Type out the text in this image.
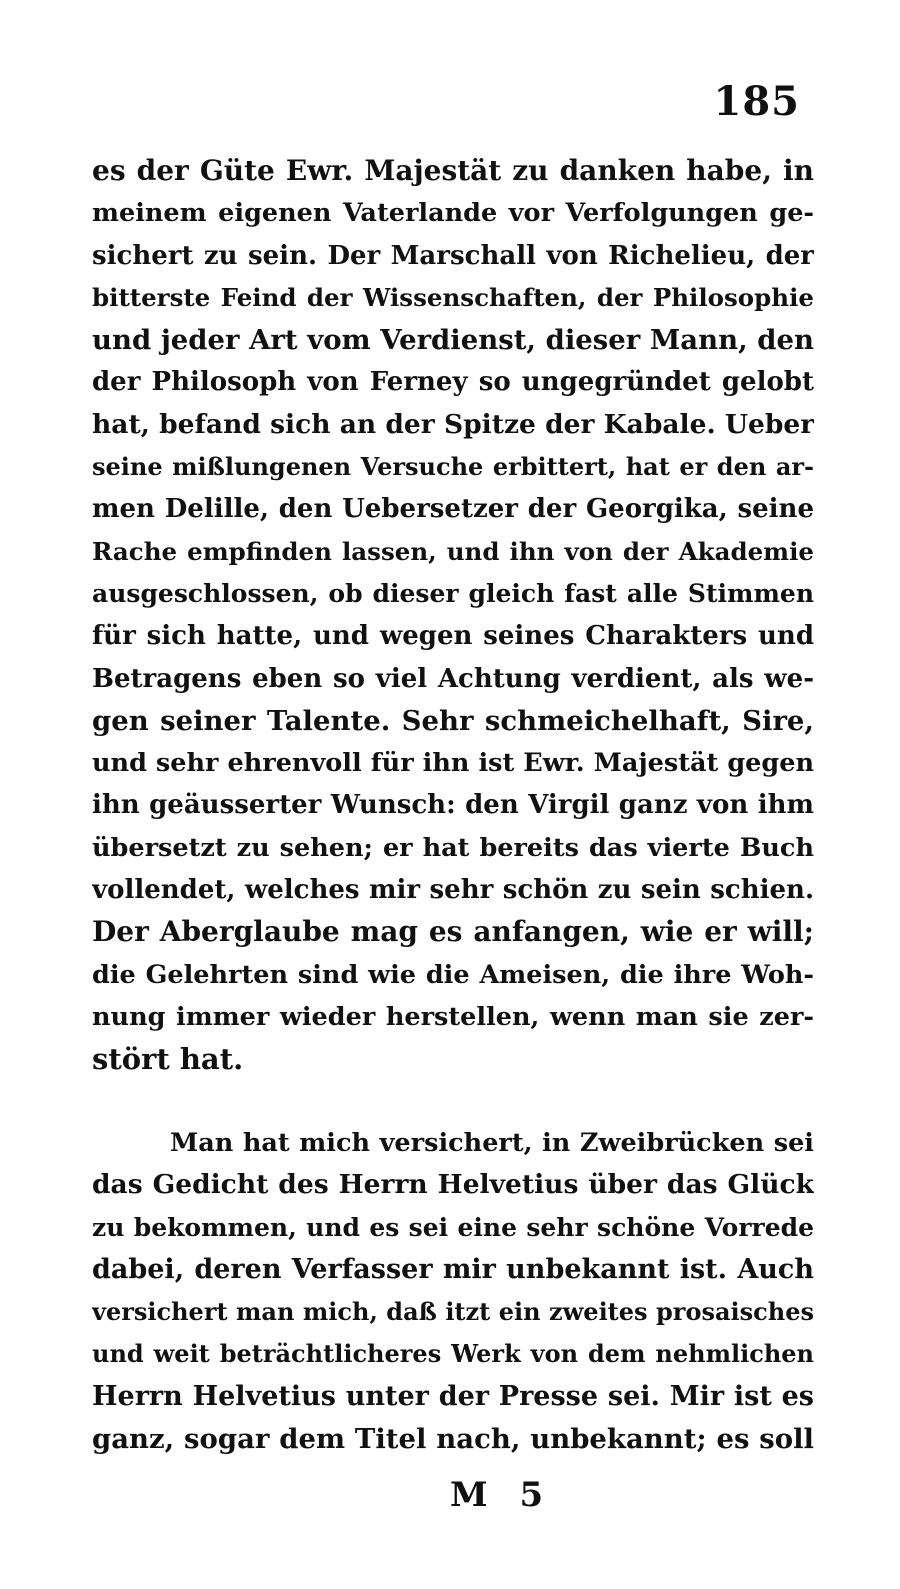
185
es der Güte Ewr. Majestät zu danken habe, in
meinem eigenen Vaterlande vor Verfolgungen ge-
sichert zu sein. Der Marschall von Richelieu, der
bitterste Feind der Wissenschaften, der Philosophie
und jeder Art vom Verdienst, dieser Mann, den
der Philosoph von Ferney so ungegründet gelobt
hat, befand sich an der Spitze der Kabale. Ueber
seine mißlungenen Versuche erbittert, hat er den ar-
men Delille, den Uebersetzer der Georgika, seine
Rache empfinden lassen, und ihn von der Akademie
ausgeschlossen, ob dieser gleich fast alle Stimmen
für sich hatte, und wegen seines Charakters und
Betragens eben so viel Achtung verdient, als we-
gen seiner Talente. Sehr schmeichelhaft, Sire,
und sehr ehrenvoll für ihn ist Ewr. Majestät gegen
ihn geäusserter Wunsch: den Virgil ganz von ihm
übersetzt zu sehen; er hat bereits das vierte Buch
vollendet, welches mir sehr schön zu sein schien.
Der Aberglaube mag es anfangen, wie er will;
die Gelehrten sind wie die Ameisen, die ihre Woh-
nung immer wieder herstellen, wenn man sie zer-
stört hat.
Man hat mich versichert, in Zweibrücken sei
das Gedicht des Herrn Helvetius über das Glück
zu bekommen, und es sei eine sehr schöne Vorrede
dabei, deren Verfasser mir unbekannt ist. Auch
versichert man mich, daß itzt ein zweites prosaisches
und weit beträchtlicheres Werk von dem nehmlichen
Herrn Helvetius unter der Presse sei. Mir ist es
ganz, sogar dem Titel nach, unbekannt; es soll
M 5
